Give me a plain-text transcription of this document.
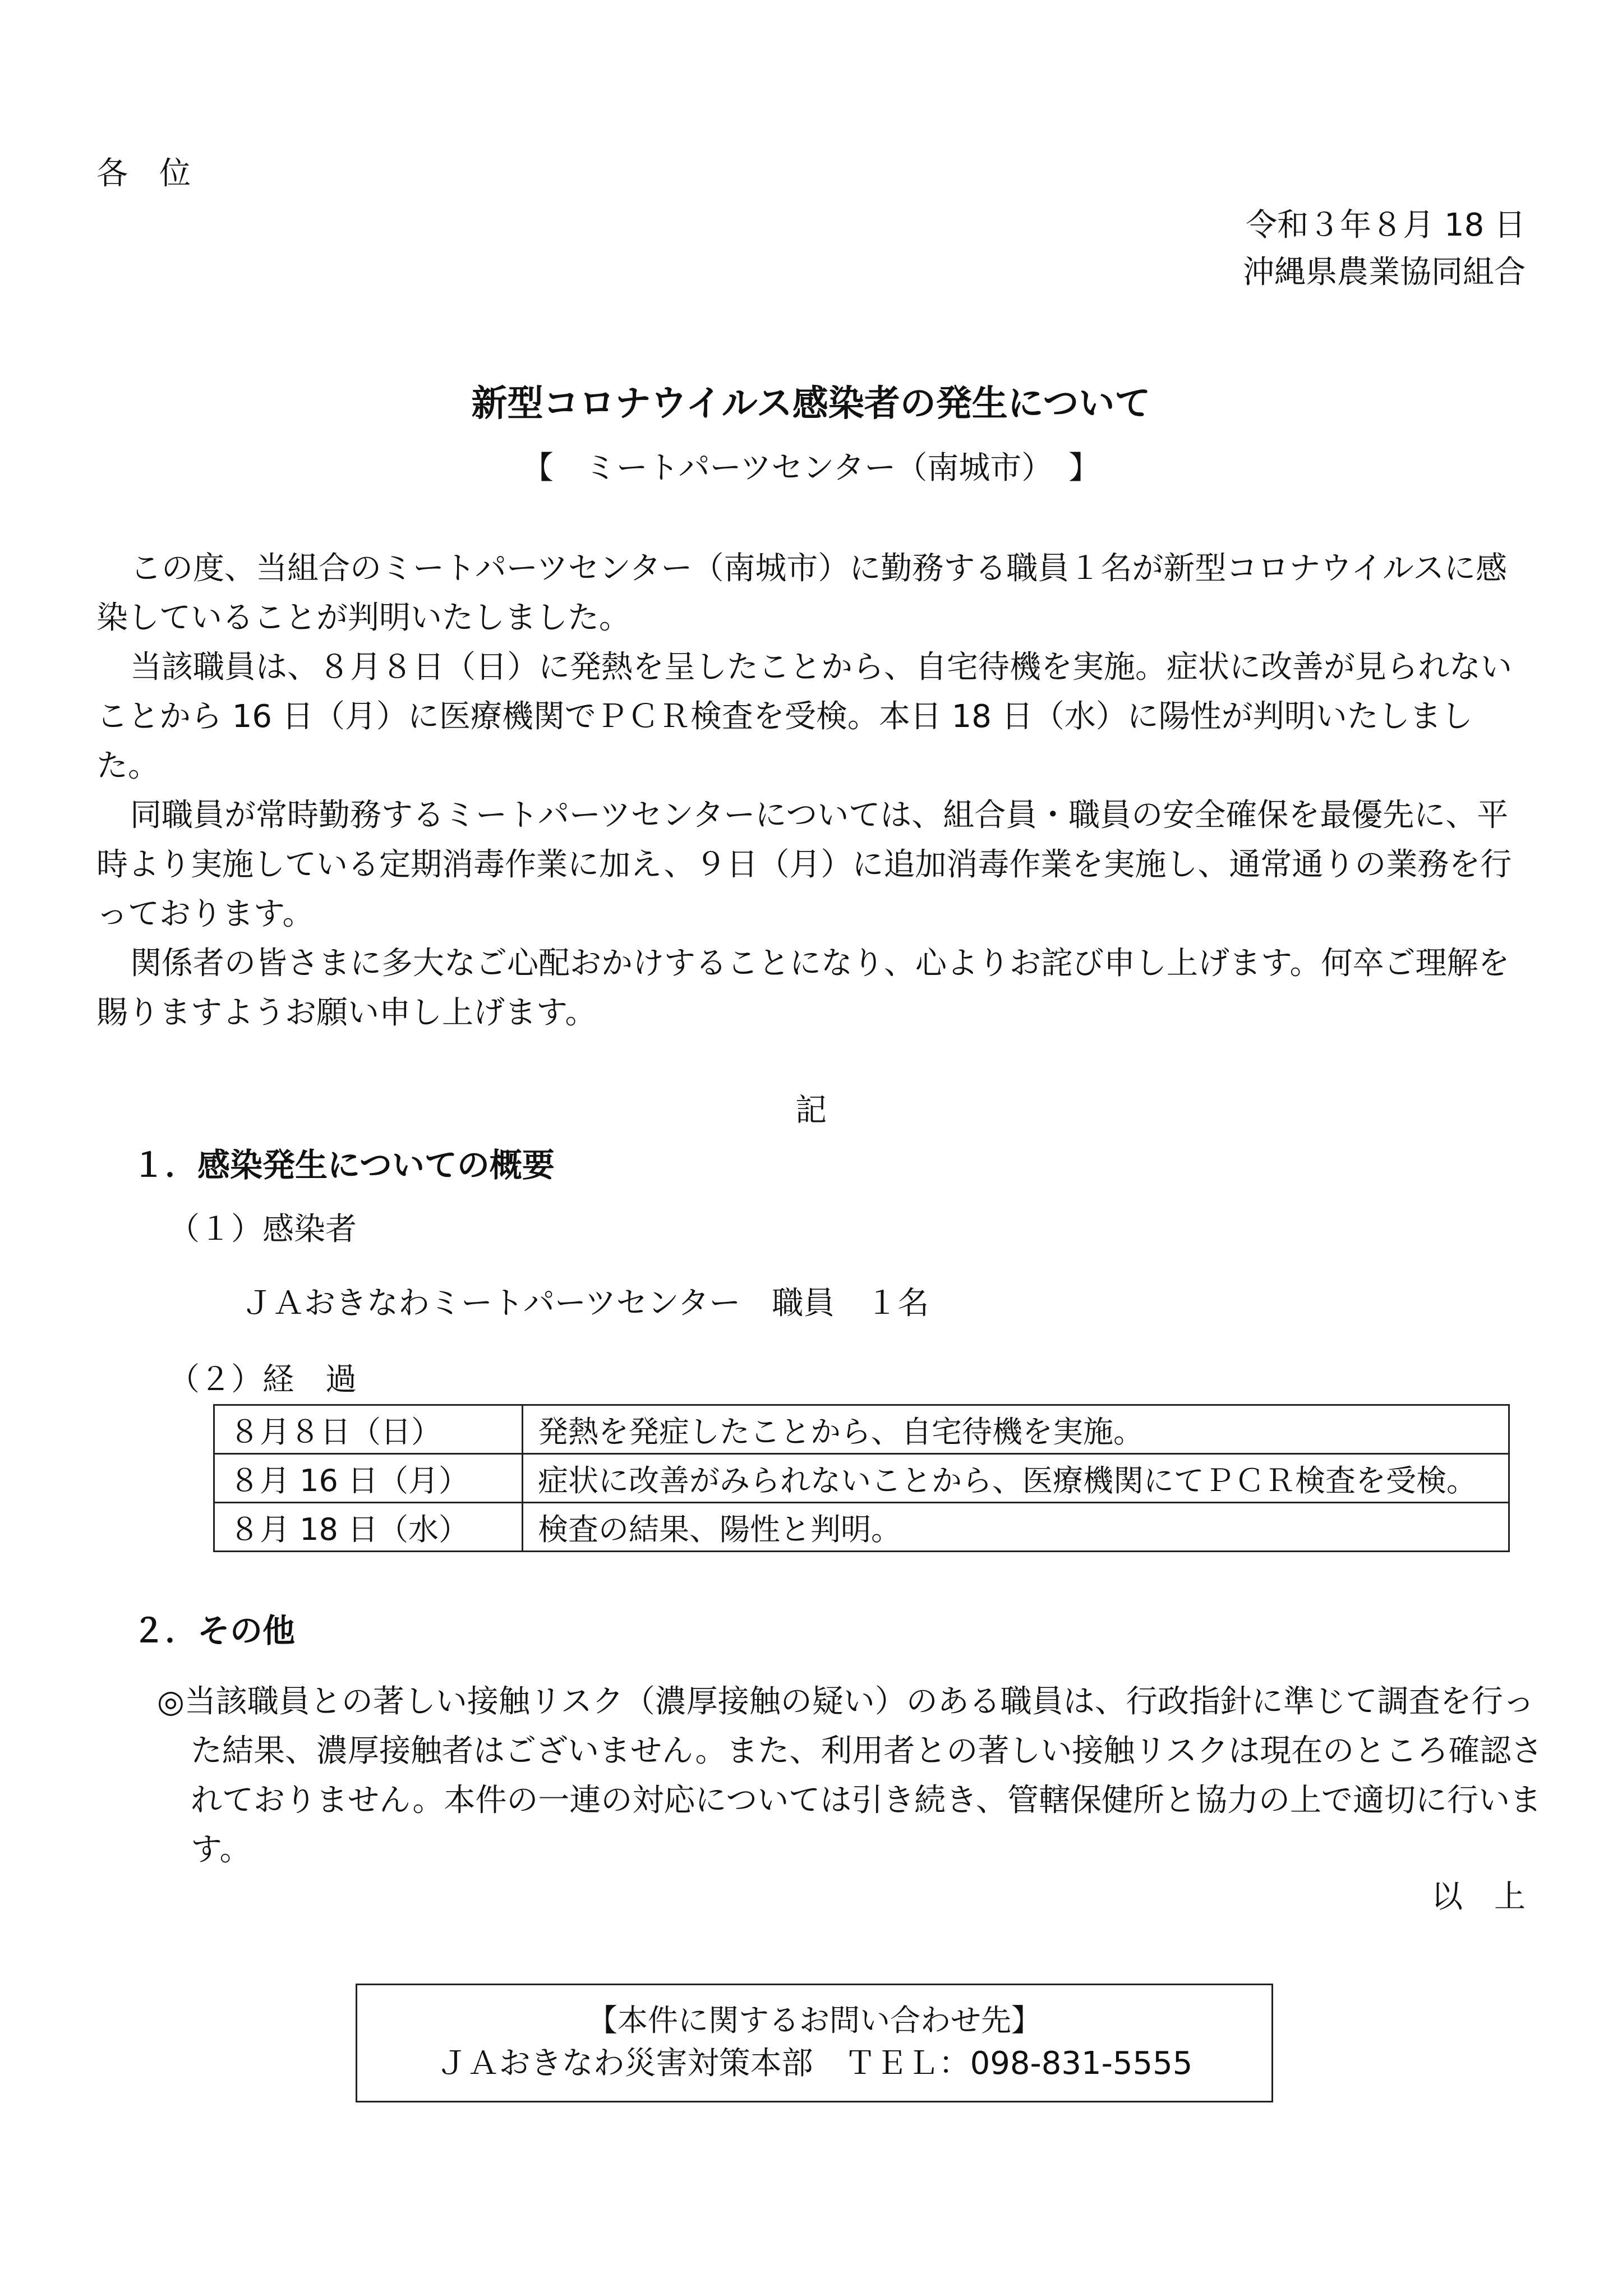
各　位
令和３年８月 18 日
沖縄県農業協同組合
新型コロナウイルス感染者の発生について
【　ミートパーツセンター（南城市）　】
この度、当組合のミートパーツセンター（南城市）に勤務する職員１名が新型コロナウイルスに感染していることが判明いたしました。
当該職員は、８月８日（日）に発熱を呈したことから、自宅待機を実施。症状に改善が見られないことから 16 日（月）に医療機関でＰＣＲ検査を受検。本日 18 日（水）に陽性が判明いたしました。
同職員が常時勤務するミートパーツセンターについては、組合員・職員の安全確保を最優先に、平時より実施している定期消毒作業に加え、９日（月）に追加消毒作業を実施し、通常通りの業務を行っております。
関係者の皆さまに多大なご心配おかけすることになり、心よりお詫び申し上げます。何卒ご理解を賜りますようお願い申し上げます。
記
１．感染発生についての概要
（１）感染者
ＪＡおきなわミートパーツセンター　職員　１名
（２）経　過
８月８日（日）	発熱を発症したことから、自宅待機を実施。
８月 16 日（月）	症状に改善がみられないことから、医療機関にてＰＣＲ検査を受検。
８月 18 日（水）	検査の結果、陽性と判明。
２．その他
◎当該職員との著しい接触リスク（濃厚接触の疑い）のある職員は、行政指針に準じて調査を行った結果、濃厚接触者はございません。また、利用者との著しい接触リスクは現在のところ確認されておりません。本件の一連の対応については引き続き、管轄保健所と協力の上で適切に行います。
以　上
【本件に関するお問い合わせ先】
ＪＡおきなわ災害対策本部　ＴＥＬ：098-831-5555
